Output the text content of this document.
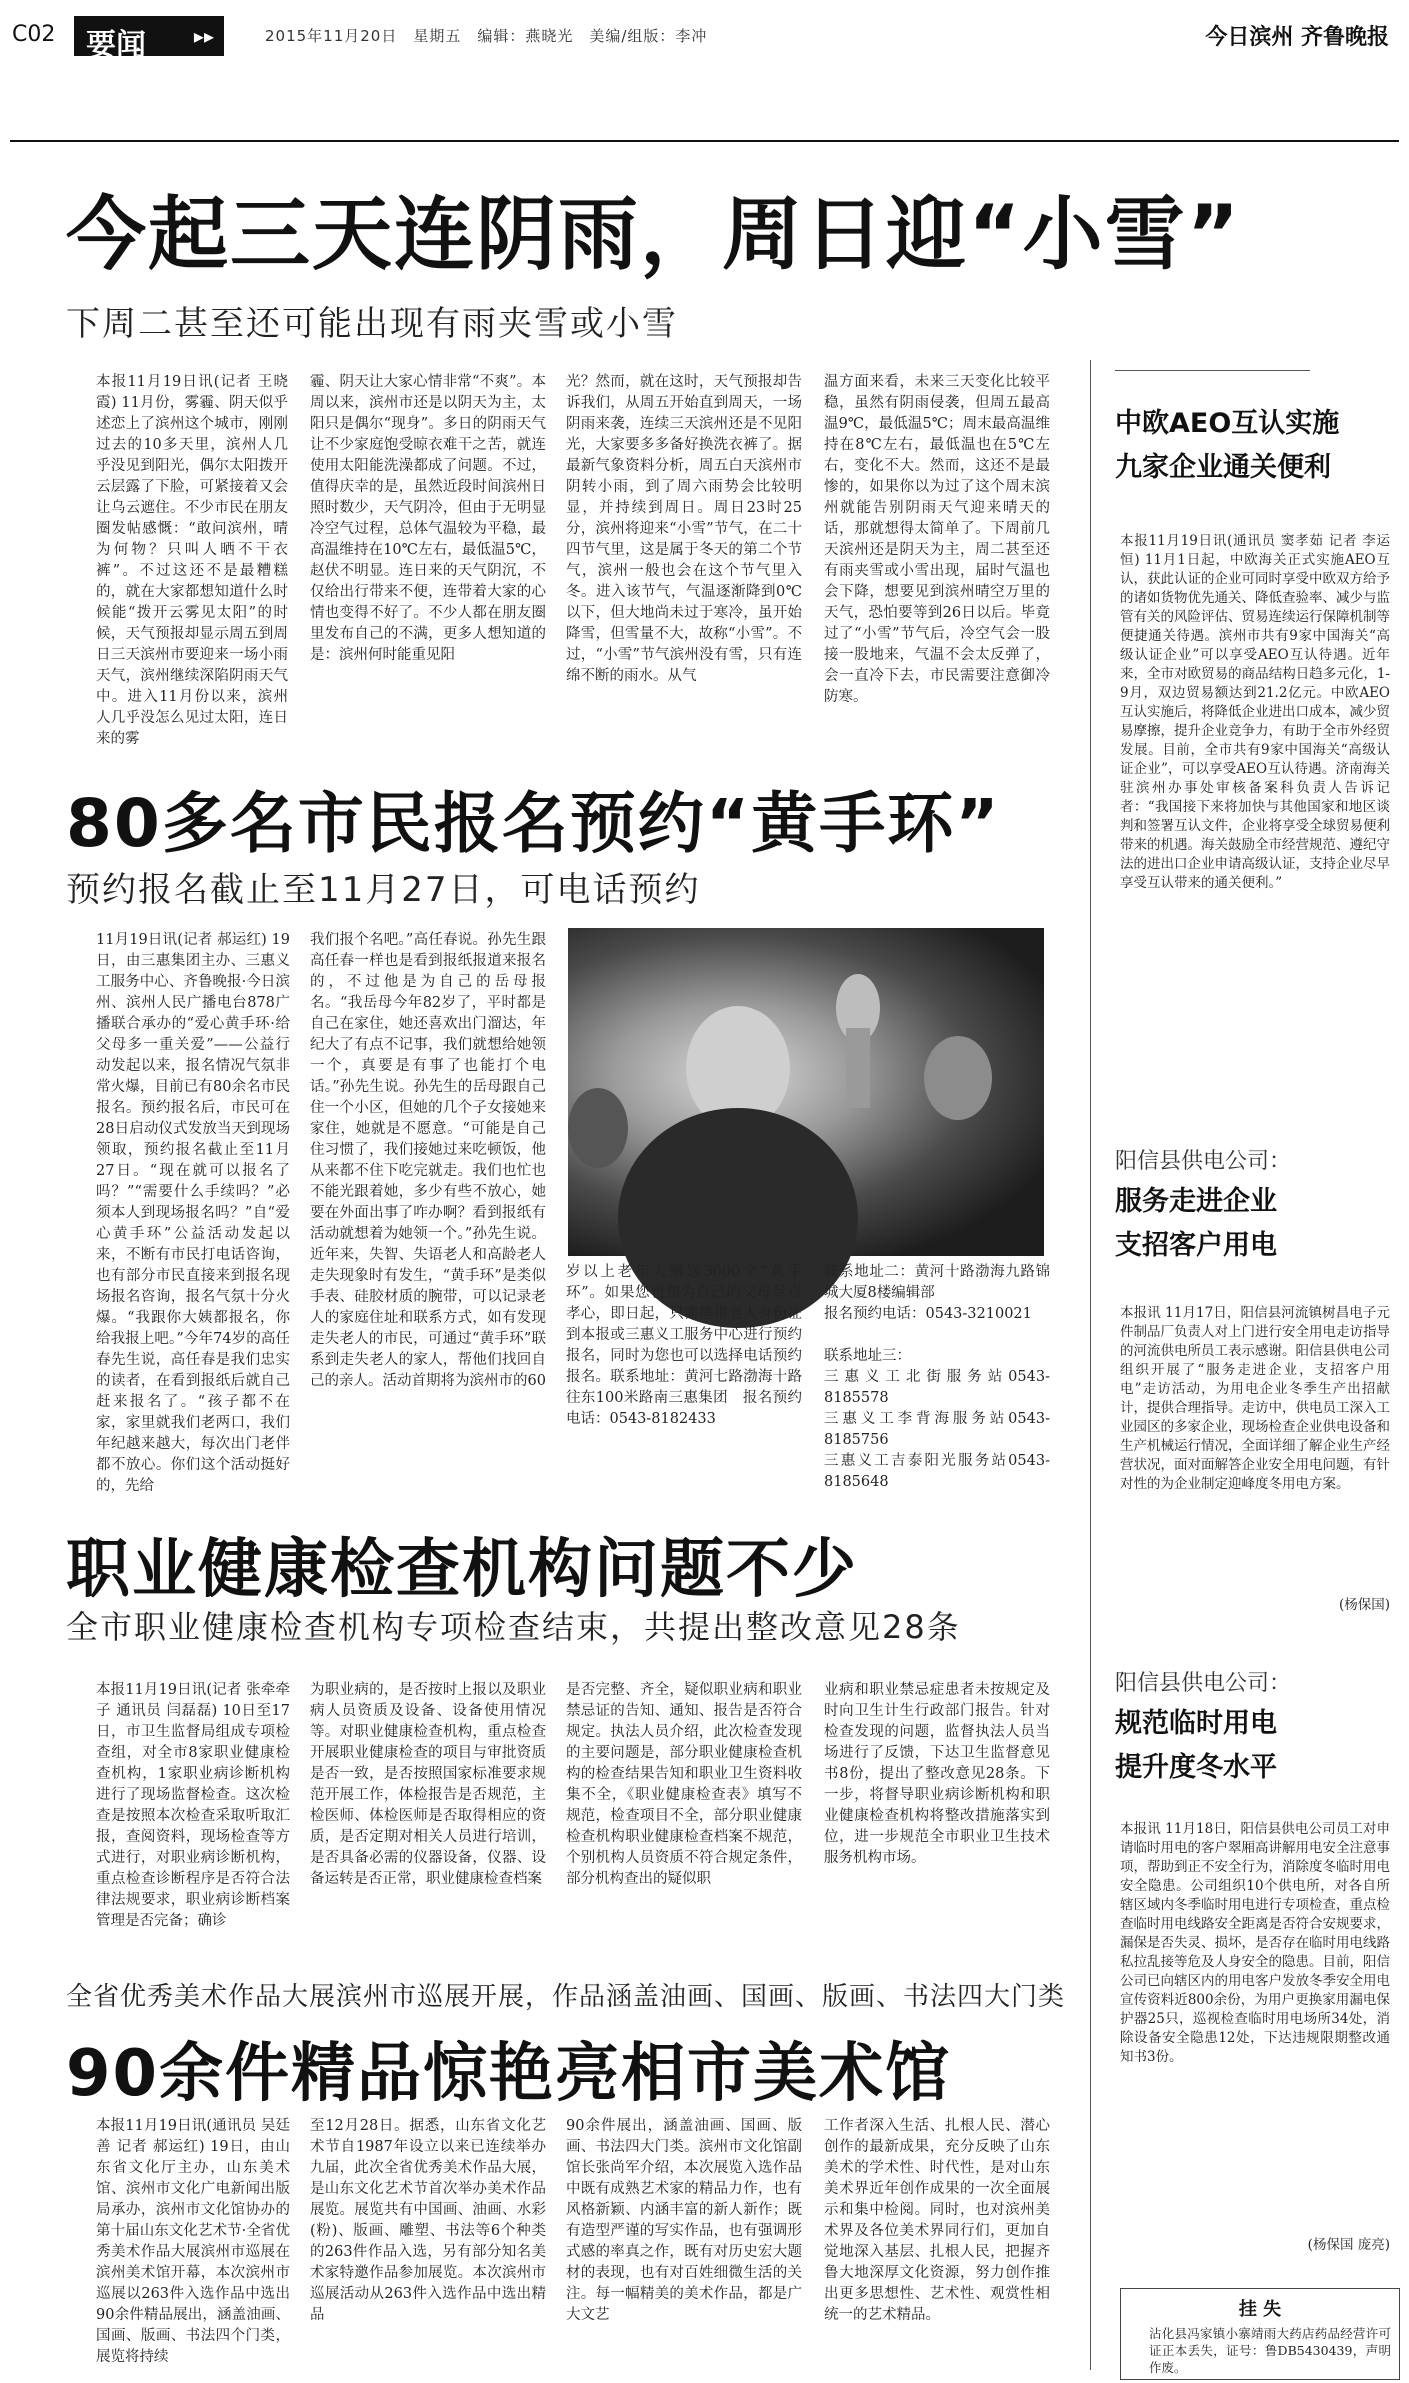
C02 要闻 ▸▸	2015年11月20日　星期五　编辑：燕晓光　美编/组版：李冲	今日滨州 齐鲁晚报
今起三天连阴雨，周日迎“小雪”
下周二甚至还可能出现有雨夹雪或小雪
本报11月19日讯(记者 王晓霞) 11月份，雾霾、阴天似乎述恋上了滨州这个城市，刚刚过去的10多天里，滨州人几乎没见到阳光，偶尔太阳拨开云层露了下脸，可紧接着又会让乌云遮住。不少市民在朋友圈发帖感慨：“敢问滨州，晴为何物？只叫人晒不干衣裤”。不过这还不是最糟糕的，就在大家都想知道什么时候能“拨开云雾见太阳”的时候，天气预报却显示周五到周日三天滨州市要迎来一场小雨天气，滨州继续深陷阴雨天气中。进入11月份以来，滨州人几乎没怎么见过太阳，连日来的雾
霾、阴天让大家心情非常“不爽”。本周以来，滨州市还是以阴天为主，太阳只是偶尔“现身”。多日的阴雨天气让不少家庭饱受晾衣难干之苦，就连使用太阳能洗澡都成了问题。不过，值得庆幸的是，虽然近段时间滨州日照时数少，天气阴冷，但由于无明显冷空气过程，总体气温较为平稳，最高温维持在10℃左右，最低温5℃，赵伏不明显。连日来的天气阴沉，不仅给出行带来不便，连带着大家的心情也变得不好了。不少人都在朋友圈里发布自己的不满，更多人想知道的是：滨州何时能重见阳
光？然而，就在这时，天气预报却告诉我们，从周五开始直到周天，一场阴雨来袭，连续三天滨州还是不见阳光，大家要多多备好换洗衣裤了。据最新气象资料分析，周五白天滨州市阴转小雨，到了周六雨势会比较明显，并持续到周日。周日23时25分，滨州将迎来“小雪”节气，在二十四节气里，这是属于冬天的第二个节气，滨州一般也会在这个节气里入冬。进入该节气，气温逐渐降到0℃以下，但大地尚未过于寒冷，虽开始降雪，但雪量不大，故称“小雪”。不过，“小雪”节气滨州没有雪，只有连绵不断的雨水。从气
温方面来看，未来三天变化比较平稳，虽然有阴雨侵袭，但周五最高温9℃，最低温5℃；周末最高温维持在8℃左右，最低温也在5℃左右，变化不大。然而，这还不是最惨的，如果你以为过了这个周末滨州就能告别阴雨天气迎来晴天的话，那就想得太简单了。下周前几天滨州还是阴天为主，周二甚至还有雨夹雪或小雪出现，届时气温也会下降，想要见到滨州晴空万里的天气，恐怕要等到26日以后。毕竟过了“小雪”节气后，冷空气会一股接一股地来，气温不会太反弹了，会一直冷下去，市民需要注意御冷防寒。
80多名市民报名预约“黄手环”
预约报名截止至11月27日，可电话预约
11月19日讯(记者 郝运红) 19日，由三惠集团主办、三惠义工服务中心、齐鲁晚报·今日滨州、滨州人民广播电台878广播联合承办的“爱心黄手环·给父母多一重关爱”——公益行动发起以来，报名情况气氛非常火爆，目前已有80余名市民报名。预约报名后，市民可在28日启动仪式发放当天到现场领取，预约报名截止至11月27日。“现在就可以报名了吗？”“需要什么手续吗？”必须本人到现场报名吗？”自“爱心黄手环”公益活动发起以来，不断有市民打电话咨询，也有部分市民直接来到报名现场报名咨询，报名气氛十分火爆。“我跟你大姨都报名，你给我报上吧。”今年74岁的高任春先生说，高任春是我们忠实的读者，在看到报纸后就自己赶来报名了。“孩子都不在家，家里就我们老两口，我们年纪越来越大，每次出门老伴都不放心。你们这个活动挺好的，先给
我们报个名吧。”高任春说。孙先生跟高任春一样也是看到报纸报道来报名的，不过他是为自己的岳母报名。“我岳母今年82岁了，平时都是自己在家住，她还喜欢出门溜达，年纪大了有点不记事，我们就想给她领一个，真要是有事了也能打个电话。”孙先生说。孙先生的岳母跟自己住一个小区，但她的几个子女接她来家住，她就是不愿意。“可能是自己住习惯了，我们接她过来吃顿饭，他从来都不住下吃完就走。我们也忙也不能光跟着她，多少有些不放心，她要在外面出事了咋办啊？看到报纸有活动就想着为她领一个。”孙先生说。近年来，失智、失语老人和高龄老人走失现象时有发生，“黄手环”是类似手表、硅胶材质的腕带，可以记录老人的家庭住址和联系方式，如有发现走失老人的市民，可通过“黄手环”联系到走失老人的家人，帮他们找回自己的亲人。活动首期将为滨州市的60
岁以上老年人赠送3000个“黄手环”。如果您也想为自己的父母尽点孝心，即日起，只需携带老人身份证到本报或三惠义工服务中心进行预约报名，同时为您也可以选择电话预约报名。联系地址：黄河七路渤海十路往东100米路南三惠集团　报名预约电话：0543-8182433
联系地址二：黄河十路渤海九路锦城大厦8楼编辑部
报名预约电话：0543-3210021
联系地址三：
三惠义工北街服务站0543-8185578
三惠义工李背海服务站0543-8185756
三惠义工吉泰阳光服务站0543-8185648
职业健康检查机构问题不少
全市职业健康检查机构专项检查结束，共提出整改意见28条
本报11月19日讯(记者 张牵牵子 通讯员 闫磊磊) 10日至17日，市卫生监督局组成专项检查组，对全市8家职业健康检查机构，1家职业病诊断机构进行了现场监督检查。这次检查是按照本次检查采取听取汇报，查阅资料，现场检查等方式进行，对职业病诊断机构，重点检查诊断程序是否符合法律法规要求，职业病诊断档案管理是否完备；确诊
为职业病的，是否按时上报以及职业病人员资质及设备、设备使用情况等。对职业健康检查机构，重点检查开展职业健康检查的项目与审批资质是否一致，是否按照国家标准要求规范开展工作，体检报告是否规范，主检医师、体检医师是否取得相应的资质，是否定期对相关人员进行培训，是否具备必需的仪器设备，仪器、设备运转是否正常，职业健康检查档案
是否完整、齐全，疑似职业病和职业禁忌证的告知、通知、报告是否符合规定。执法人员介绍，此次检查发现的主要问题是，部分职业健康检查机构的检查结果告知和职业卫生资料收集不全，《职业健康检查表》填写不规范，检查项目不全，部分职业健康检查机构职业健康检查档案不规范，个别机构人员资质不符合规定条件，部分机构查出的疑似职
业病和职业禁忌症患者未按规定及时向卫生计生行政部门报告。针对检查发现的问题，监督执法人员当场进行了反馈，下达卫生监督意见书8份，提出了整改意见28条。下一步，将督导职业病诊断机构和职业健康检查机构将整改措施落实到位，进一步规范全市职业卫生技术服务机构市场。
全省优秀美术作品大展滨州市巡展开展，作品涵盖油画、国画、版画、书法四大门类
90余件精品惊艳亮相市美术馆
本报11月19日讯(通讯员 吴廷善 记者 郝运红) 19日，由山东省文化厅主办，山东美术馆、滨州市文化广电新闻出版局承办，滨州市文化馆协办的第十届山东文化艺术节·全省优秀美术作品大展滨州市巡展在滨州美术馆开幕，本次滨州市巡展以263件入选作品中选出90余件精品展出，涵盖油画、国画、版画、书法四个门类，展览将持续
至12月28日。据悉，山东省文化艺术节自1987年设立以来已连续举办九届，此次全省优秀美术作品大展，是山东文化艺术节首次举办美术作品展览。展览共有中国画、油画、水彩(粉)、版画、雕塑、书法等6个种类的263件作品入选，另有部分知名美术家特邀作品参加展览。本次滨州市巡展活动从263件入选作品中选出精品
90余件展出，涵盖油画、国画、版画、书法四大门类。滨州市文化馆副馆长张尚军介绍，本次展览入选作品中既有成熟艺术家的精品力作，也有风格新颖、内涵丰富的新人新作；既有造型严谨的写实作品，也有强调形式感的率真之作，既有对历史宏大题材的表现，也有对百姓细微生活的关注。每一幅精美的美术作品，都是广大文艺
工作者深入生活、扎根人民、潜心创作的最新成果，充分反映了山东美术的学术性、时代性，是对山东美术界近年创作成果的一次全面展示和集中检阅。同时，也对滨州美术界及各位美术界同行们，更加自觉地深入基层、扎根人民，把握齐鲁大地深厚文化资源，努力创作推出更多思想性、艺术性、观赏性相统一的艺术精品。
中欧AEO互认实施
九家企业通关便利
本报11月19日讯(通讯员 窦孝茹 记者 李运恒) 11月1日起，中欧海关正式实施AEO互认，获此认证的企业可同时享受中欧双方给予的诸如货物优先通关、降低查验率、减少与监管有关的风险评估、贸易连续运行保障机制等便捷通关待遇。滨州市共有9家中国海关“高级认证企业”可以享受AEO互认待遇。近年来，全市对欧贸易的商品结构日趋多元化，1-9月，双边贸易额达到21.2亿元。中欧AEO互认实施后，将降低企业进出口成本，减少贸易摩擦，提升企业竞争力，有助于全市外经贸发展。目前，全市共有9家中国海关“高级认证企业”，可以享受AEO互认待遇。济南海关驻滨州办事处审核备案科负责人告诉记者：“我国接下来将加快与其他国家和地区谈判和签署互认文件，企业将享受全球贸易便利带来的机遇。海关鼓励全市经营规范、遵纪守法的进出口企业申请高级认证，支持企业尽早享受互认带来的通关便利。”
阳信县供电公司：
服务走进企业
支招客户用电
本报讯 11月17日，阳信县河流镇树昌电子元件制品厂负责人对上门进行安全用电走访指导的河流供电所员工表示感谢。阳信县供电公司组织开展了“服务走进企业，支招客户用电”走访活动，为用电企业冬季生产出招献计，提供合理指导。走访中，供电员工深入工业园区的多家企业，现场检查企业供电设备和生产机械运行情况，全面详细了解企业生产经营状况，面对面解答企业安全用电问题，有针对性的为企业制定迎峰度冬用电方案。
(杨保国)
阳信县供电公司：
规范临时用电
提升度冬水平
本报讯 11月18日，阳信县供电公司员工对申请临时用电的客户翠厢高讲解用电安全注意事项，帮助到正不安全行为，消除度冬临时用电安全隐患。公司组织10个供电所，对各自所辖区域内冬季临时用电进行专项检查，重点检查临时用电线路安全距离是否符合安规要求，漏保是否失灵、损坏，是否存在临时用电线路私拉乱接等危及人身安全的隐患。目前，阳信公司已向辖区内的用电客户发放冬季安全用电宣传资料近800余份，为用户更换家用漏电保护器25只，巡视检查临时用电场所34处，消除设备安全隐患12处，下达违规限期整改通知书3份。
(杨保国 庞亮)
挂 失
沾化县冯家镇小寨靖雨大药店药品经营许可证正本丢失，证号：鲁DB5430439，声明作废。
